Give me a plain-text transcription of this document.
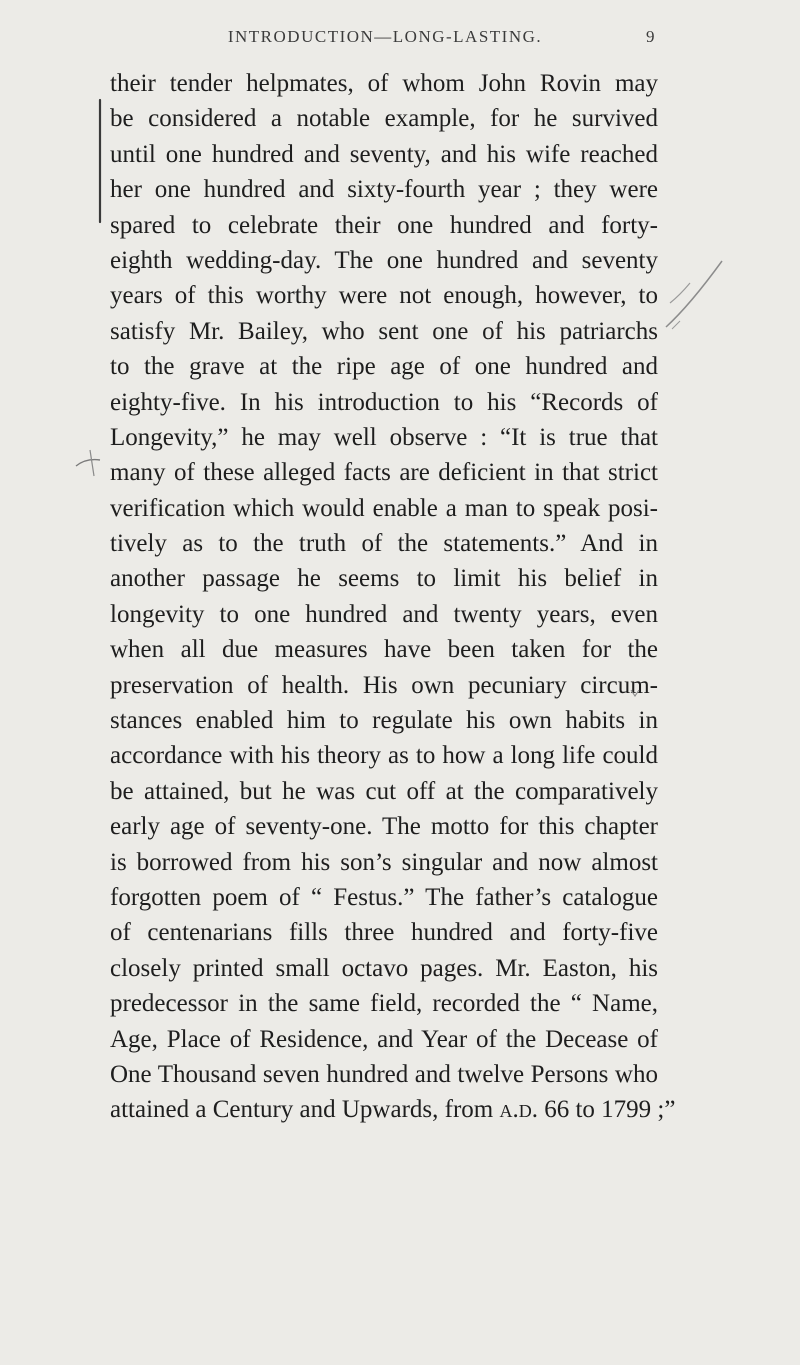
INTRODUCTION—LONG-LASTING.	9
their tender helpmates, of whom John Rovin may
be considered a notable example, for he survived
until one hundred and seventy, and his wife reached
her one hundred and sixty-fourth year ; they were
spared to celebrate their one hundred and forty-
eighth wedding-day. The one hundred and seventy
years of this worthy were not enough, however, to
satisfy Mr. Bailey, who sent one of his patriarchs
to the grave at the ripe age of one hundred and
eighty-five. In his introduction to his “Records of
Longevity,” he may well observe : “It is true that
many of these alleged facts are deficient in that strict
verification which would enable a man to speak posi-
tively as to the truth of the statements.” And in
another passage he seems to limit his belief in
longevity to one hundred and twenty years, even
when all due measures have been taken for the
preservation of health. His own pecuniary circum-
stances enabled him to regulate his own habits in
accordance with his theory as to how a long life could
be attained, but he was cut off at the comparatively
early age of seventy-one. The motto for this chapter
is borrowed from his son’s singular and now almost
forgotten poem of “ Festus.” The father’s catalogue
of centenarians fills three hundred and forty-five
closely printed small octavo pages. Mr. Easton, his
predecessor in the same field, recorded the “ Name,
Age, Place of Residence, and Year of the Decease of
One Thousand seven hundred and twelve Persons who
attained a Century and Upwards, from a.d. 66 to 1799 ;”
